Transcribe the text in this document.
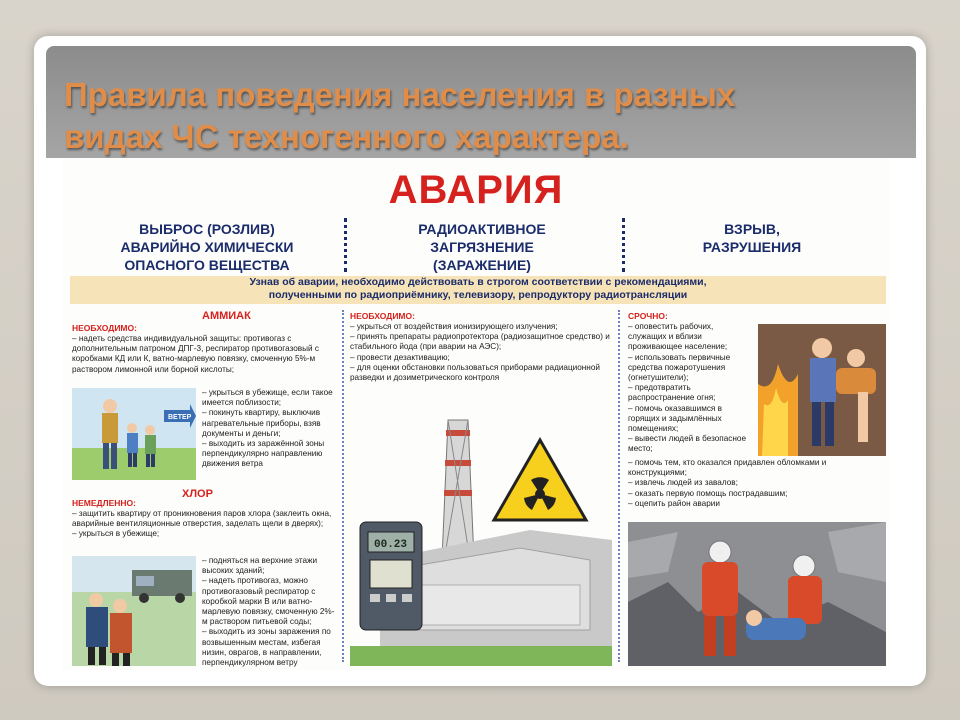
Правила поведения населения в разных
видах ЧС техногенного характера.
АВАРИЯ
ВЫБРОС (РОЗЛИВ)
АВАРИЙНО ХИМИЧЕСКИ
ОПАСНОГО ВЕЩЕСТВА
РАДИОАКТИВНОЕ
ЗАГРЯЗНЕНИЕ
(ЗАРАЖЕНИЕ)
ВЗРЫВ,
РАЗРУШЕНИЯ
Узнав об аварии, необходимо действовать в строгом соответствии с рекомендациями,
полученными по радиоприёмнику, телевизору, репродуктору радиотрансляции
АММИАК
НЕОБХОДИМО:
– надеть средства индивидуальной защиты: противогаз с дополнительным патроном ДПГ-3, респиратор противогазовый с коробками КД или К, ватно-марлевую повязку, смоченную 5%-м раствором лимонной или борной кислоты;
ВЕТЕР
– укрыться в убежище, если такое имеется поблизости;
– покинуть квартиру, выключив нагревательные приборы, взяв документы и деньги;
– выходить из заражённой зоны перпендикулярно направлению движения ветра
ХЛОР
НЕМЕДЛЕННО:
– защитить квартиру от проникновения паров хлора (заклеить окна, аварийные вентиляционные отверстия, заделать щели в дверях);
– укрыться в убежище;
– подняться на верхние этажи высоких зданий;
– надеть противогаз, можно противогазовый респиратор с коробкой марки В или ватно-марлевую повязку, смоченную 2%-м раствором питьевой соды;
– выходить из зоны заражения по возвышенным местам, избегая низин, оврагов, в направлении, перпендикулярном ветру
НЕОБХОДИМО:
– укрыться от воздействия ионизирующего излучения;
– принять препараты радиопротектора (радиозащитное средство) и стабильного йода (при аварии на АЭС);
– провести дезактивацию;
– для оценки обстановки пользоваться приборами радиационной разведки и дозиметрического контроля
00.23
СРОЧНО:
– оповестить рабочих, служащих и вблизи проживающее население;
– использовать первичные средства пожаротушения (огнетушители);
– предотвратить распространение огня;
– помочь оказавшимся в горящих и задымлённых помещениях;
– вывести людей в безопасное место;
– помочь тем, кто оказался придавлен обломками и конструкциями;
– извлечь людей из завалов;
– оказать первую помощь пострадавшим;
– оцепить район аварии
